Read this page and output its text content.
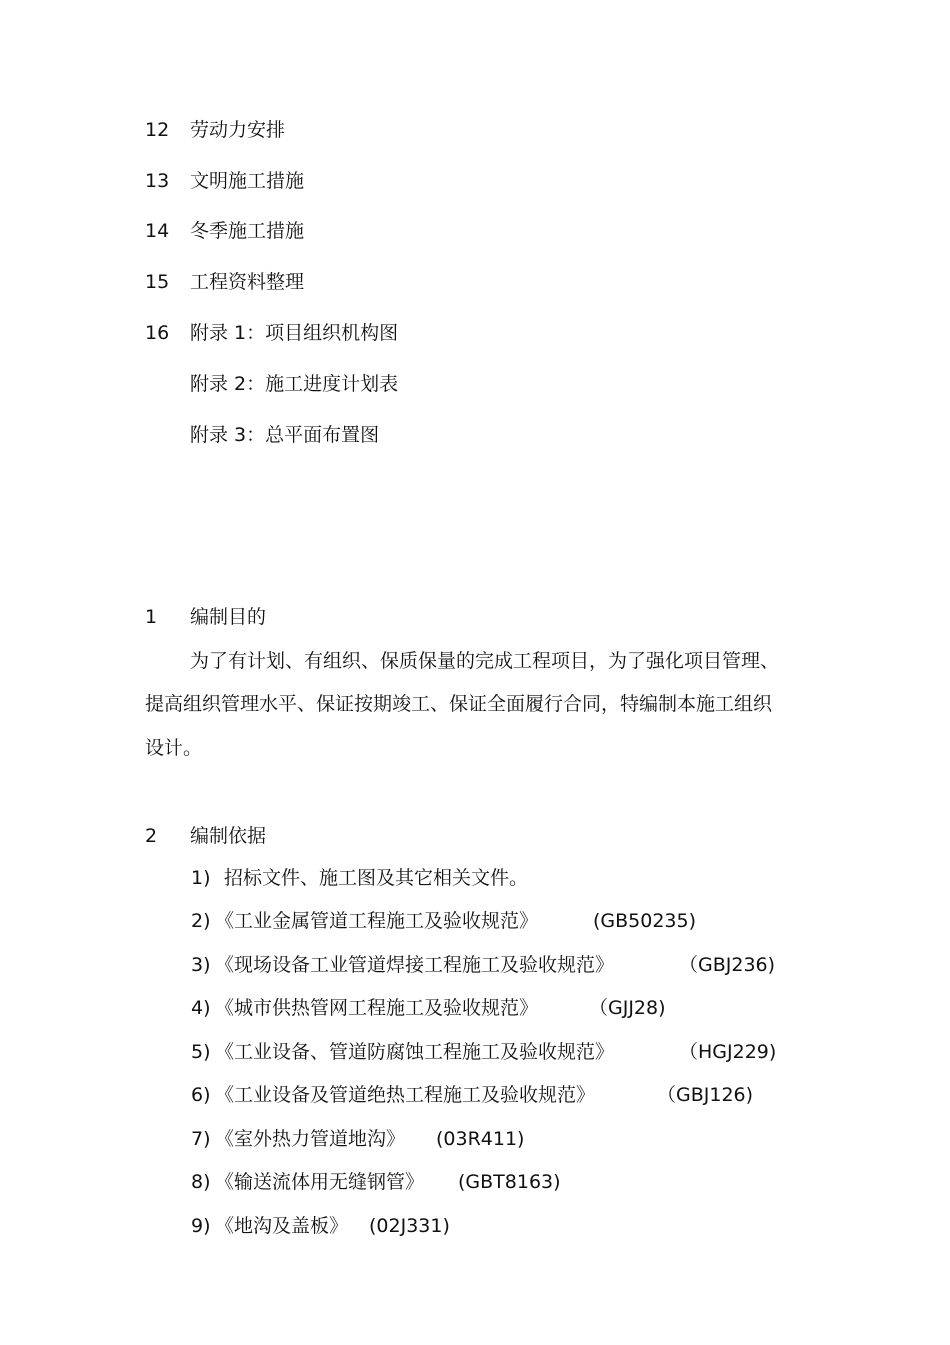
12 劳动力安排
13 文明施工措施
14 冬季施工措施
15 工程资料整理
16 附录 1：项目组织机构图
附录 2：施工进度计划表
附录 3：总平面布置图
1 编制目的
为了有计划、有组织、保质保量的完成工程项目，为了强化项目管理、
提高组织管理水平、保证按期竣工、保证全面履行合同，特编制本施工组织
设计。
2 编制依据
1) 招标文件、施工图及其它相关文件。
2) 《工业金属管道工程施工及验收规范》	(GB50235)
3) 《现场设备工业管道焊接工程施工及验收规范》	（GBJ236)
4) 《城市供热管网工程施工及验收规范》	（GJJ28)
5) 《工业设备、管道防腐蚀工程施工及验收规范》	（HGJ229)
6) 《工业设备及管道绝热工程施工及验收规范》	（GBJ126)
7) 《室外热力管道地沟》 (03R411)
8) 《输送流体用无缝钢管》 (GBT8163)
9) 《地沟及盖板》 (02J331)
